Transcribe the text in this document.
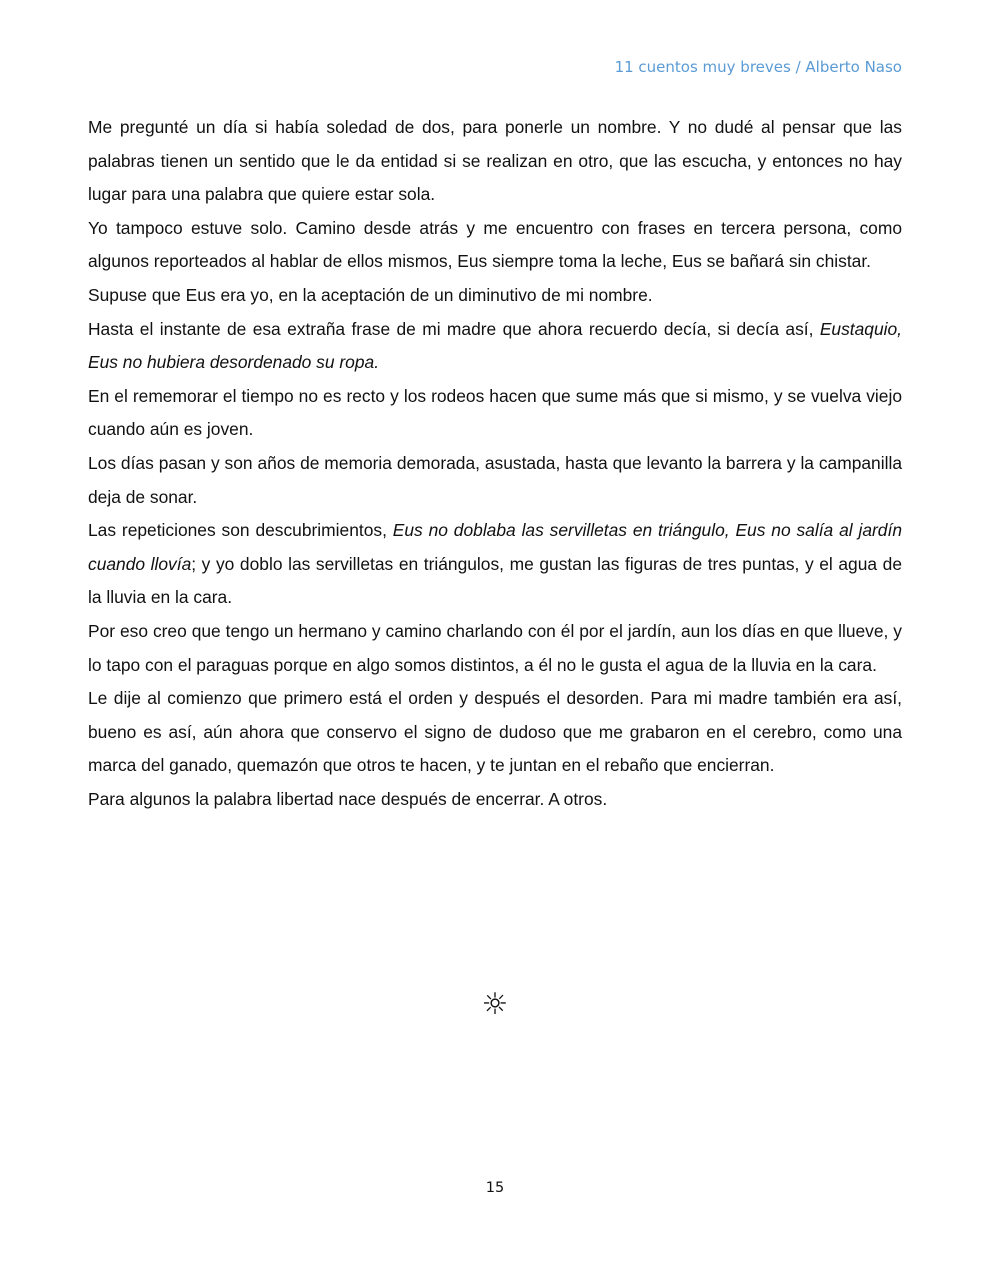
11 cuentos muy breves / Alberto Naso

Me pregunté un día si había soledad de dos, para ponerle un nombre. Y no dudé al pensar que las palabras tienen un sentido que le da entidad si se realizan en otro, que las escucha, y entonces no hay lugar para una palabra que quiere estar sola.

Yo tampoco estuve solo. Camino desde atrás y me encuentro con frases en tercera persona, como algunos reporteados al hablar de ellos mismos, Eus siempre toma la leche, Eus se bañará sin chistar.

Supuse que Eus era yo, en la aceptación de un diminutivo de mi nombre.

Hasta el instante de esa extraña frase de mi madre que ahora recuerdo decía, si decía así, Eustaquio, Eus no hubiera desordenado su ropa.

En el rememorar el tiempo no es recto y los rodeos hacen que sume más que si mismo, y se vuelva viejo cuando aún es joven.

Los días pasan y son años de memoria demorada, asustada, hasta que levanto la barrera y la campanilla deja de sonar.

Las repeticiones son descubrimientos, Eus no doblaba las servilletas en triángulo, Eus no salía al jardín cuando llovía; y yo doblo las servilletas en triángulos, me gustan las figuras de tres puntas, y el agua de la lluvia en la cara.

Por eso creo que tengo un hermano y camino charlando con él por el jardín, aun los días en que llueve, y lo tapo con el paraguas porque en algo somos distintos, a él no le gusta el agua de la lluvia en la cara.

Le dije al comienzo que primero está el orden y después el desorden. Para mi madre también era así, bueno es así, aún ahora que conservo el signo de dudoso que me grabaron en el cerebro, como una marca del ganado, quemazón que otros te hacen, y te juntan en el rebaño que encierran.

Para algunos la palabra libertad nace después de encerrar. A otros.

☼
15
